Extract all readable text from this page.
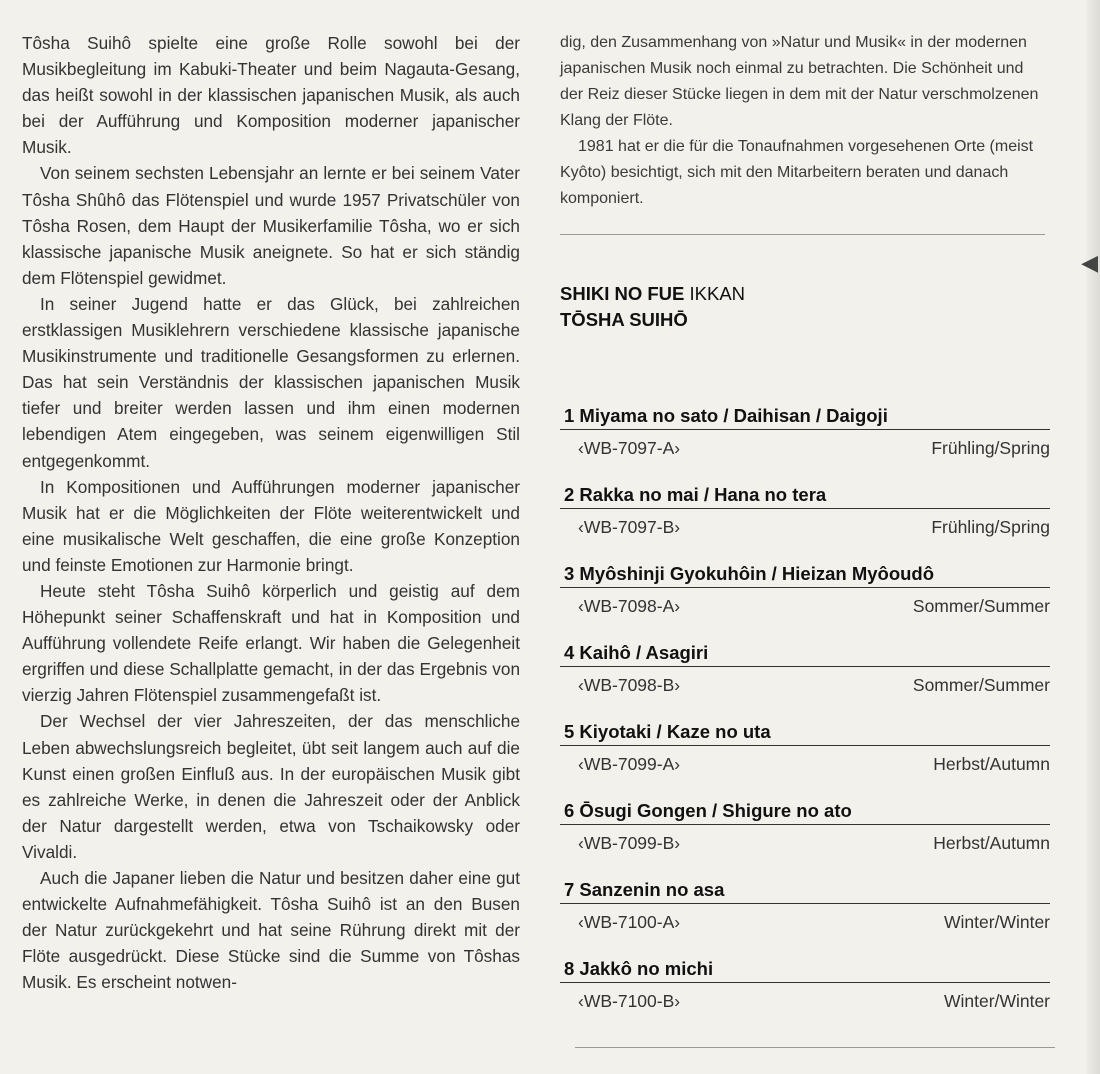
Tôsha Suihô spielte eine große Rolle sowohl bei der Musikbegleitung im Kabuki-Theater und beim Nagauta-Gesang, das heißt sowohl in der klassischen japanischen Musik, als auch bei der Aufführung und Komposition moderner japanischer Musik.

Von seinem sechsten Lebensjahr an lernte er bei seinem Vater Tôsha Shûhô das Flötenspiel und wurde 1957 Privatschüler von Tôsha Rosen, dem Haupt der Musikerfamilie Tôsha, wo er sich klassische japanische Musik aneignete. So hat er sich ständig dem Flötenspiel gewidmet.

In seiner Jugend hatte er das Glück, bei zahlreichen erstklassigen Musiklehrern verschiedene klassische japanische Musikinstrumente und traditionelle Gesangsformen zu erlernen. Das hat sein Verständnis der klassischen japanischen Musik tiefer und breiter werden lassen und ihm einen modernen lebendigen Atem eingegeben, was seinem eigenwilligen Stil entgegenkommt.

In Kompositionen und Aufführungen moderner japanischer Musik hat er die Möglichkeiten der Flöte weiterentwickelt und eine musikalische Welt geschaffen, die eine große Konzeption und feinste Emotionen zur Harmonie bringt.

Heute steht Tôsha Suihô körperlich und geistig auf dem Höhepunkt seiner Schaffenskraft und hat in Komposition und Aufführung vollendete Reife erlangt. Wir haben die Gelegenheit ergriffen und diese Schallplatte gemacht, in der das Ergebnis von vierzig Jahren Flötenspiel zusammengefaßt ist.

Der Wechsel der vier Jahreszeiten, der das menschliche Leben abwechslungsreich begleitet, übt seit langem auch auf die Kunst einen großen Einfluß aus. In der europäischen Musik gibt es zahlreiche Werke, in denen die Jahreszeit oder der Anblick der Natur dargestellt werden, etwa von Tschaikowsky oder Vivaldi.

Auch die Japaner lieben die Natur und besitzen daher eine gut entwickelte Aufnahmefähigkeit. Tôsha Suihô ist an den Busen der Natur zurückgekehrt und hat seine Rührung direkt mit der Flöte ausgedrückt. Diese Stücke sind die Summe von Tôshas Musik. Es erscheint notwen-

dig, den Zusammenhang von »Natur und Musik« in der modernen japanischen Musik noch einmal zu betrachten. Die Schönheit und der Reiz dieser Stücke liegen in dem mit der Natur verschmolzenen Klang der Flöte.

1981 hat er die für die Tonaufnahmen vorgesehenen Orte (meist Kyôto) besichtigt, sich mit den Mitarbeitern beraten und danach komponiert.

SHIKI NO FUE IKKAN
TŌSHA SUIHŌ
1 Miyama no sato / Daihisan / Daigoji
‹WB-7097-A›	Frühling/Spring
2 Rakka no mai / Hana no tera
‹WB-7097-B›	Frühling/Spring
3 Myôshinji Gyokuhôin / Hieizan Myôoudô
‹WB-7098-A›	Sommer/Summer
4 Kaihô / Asagiri
‹WB-7098-B›	Sommer/Summer
5 Kiyotaki / Kaze no uta
‹WB-7099-A›	Herbst/Autumn
6 Ōsugi Gongen / Shigure no ato
‹WB-7099-B›	Herbst/Autumn
7 Sanzenin no asa
‹WB-7100-A›	Winter/Winter
8 Jakkô no michi
‹WB-7100-B›	Winter/Winter
◀
